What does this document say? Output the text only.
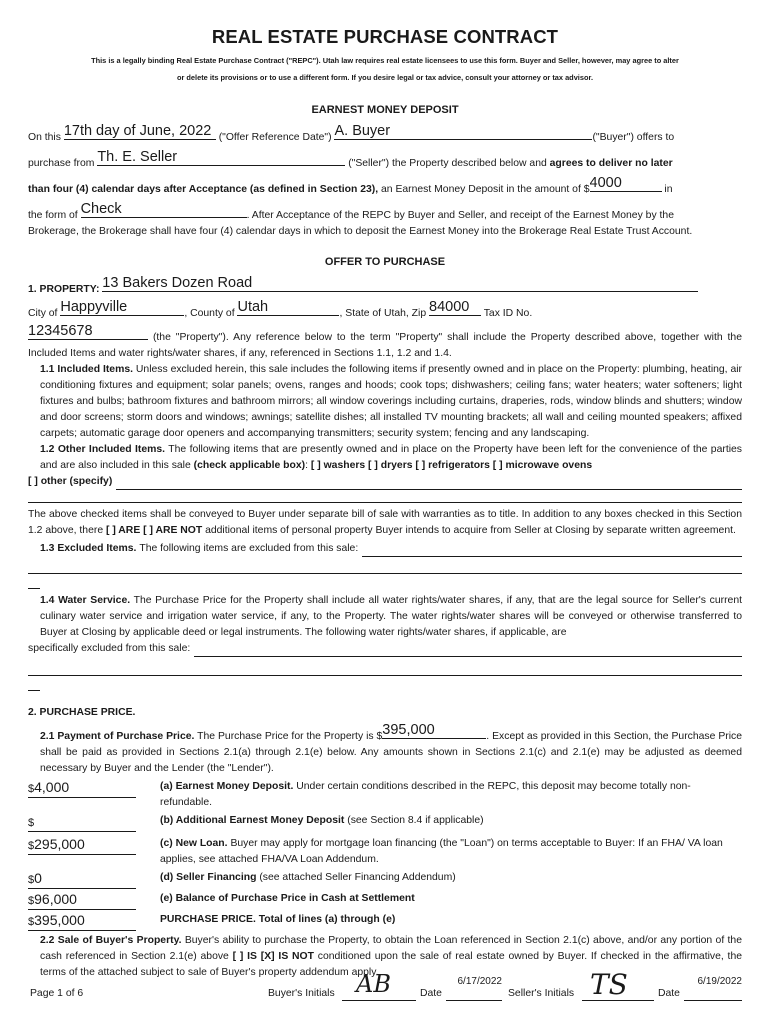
REAL ESTATE PURCHASE CONTRACT
This is a legally binding Real Estate Purchase Contract ("REPC"). Utah law requires real estate licensees to use this form. Buyer and Seller, however, may agree to alter
or delete its provisions or to use a different form. If you desire legal or tax advice, consult your attorney or tax advisor.
EARNEST MONEY DEPOSIT
On this 17th day of June, 2022 ("Offer Reference Date") A. Buyer	("Buyer") offers to
purchase from Th. E. Seller	("Seller") the Property described below and agrees to deliver no later
than four (4) calendar days after Acceptance (as defined in Section 23), an Earnest Money Deposit in the amount of $4000	in
the form of Check	. After Acceptance of the REPC by Buyer and Seller, and receipt of the Earnest Money by the
Brokerage, the Brokerage shall have four (4) calendar days in which to deposit the Earnest Money into the Brokerage Real Estate Trust Account.
OFFER TO PURCHASE
1. PROPERTY: 13 Bakers Dozen Road
City of Happyville	, County of Utah	, State of Utah, Zip 84000 Tax ID No.
12345678	(the "Property"). Any reference below to the term "Property" shall include the Property described above, together with the Included Items and water rights/water shares, if any, referenced in Sections 1.1, 1.2 and 1.4.
1.1 Included Items. Unless excluded herein, this sale includes the following items if presently owned and in place on the Property: plumbing, heating, air conditioning fixtures and equipment; solar panels; ovens, ranges and hoods; cook tops; dishwashers; ceiling fans; water heaters; water softeners; light fixtures and bulbs; bathroom fixtures and bathroom mirrors; all window coverings including curtains, draperies, rods, window blinds and shutters; window and door screens; storm doors and windows; awnings; satellite dishes; all installed TV mounting brackets; all wall and ceiling mounted speakers; affixed carpets; automatic garage door openers and accompanying transmitters; security system; fencing and any landscaping.
1.2 Other Included Items. The following items that are presently owned and in place on the Property have been left for the convenience of the parties and are also included in this sale (check applicable box): [ ] washers [ ] dryers [ ] refrigerators [ ] microwave ovens
[ ] other (specify)
The above checked items shall be conveyed to Buyer under separate bill of sale with warranties as to title. In addition to any boxes checked in this Section 1.2 above, there [ ] ARE [ ] ARE NOT additional items of personal property Buyer intends to acquire from Seller at Closing by separate written agreement.
1.3 Excluded Items.
The following items are excluded from this sale:
1.4 Water Service. The Purchase Price for the Property shall include all water rights/water shares, if any, that are the legal source for Seller's current culinary water service and irrigation water service, if any, to the Property. The water rights/water shares will be conveyed or otherwise transferred to Buyer at Closing by applicable deed or legal instruments. The following water rights/water shares, if applicable, are
specifically excluded from this sale:
2. PURCHASE PRICE.
2.1 Payment of Purchase Price. The Purchase Price for the Property is $395,000	. Except as provided in this Section, the Purchase Price shall be paid as provided in Sections 2.1(a) through 2.1(e) below. Any amounts shown in Sections 2.1(c) and 2.1(e) may be adjusted as deemed necessary by Buyer and the Lender (the "Lender").
$4,000	(a) Earnest Money Deposit. Under certain conditions described in the REPC, this deposit may become totally non-refundable.
$	(b) Additional Earnest Money Deposit (see Section 8.4 if applicable)
$295,000	(c) New Loan. Buyer may apply for mortgage loan financing (the "Loan") on terms acceptable to Buyer: If an FHA/ VA loan applies, see attached FHA/VA Loan Addendum.
$0	(d) Seller Financing (see attached Seller Financing Addendum)
$96,000	(e) Balance of Purchase Price in Cash at Settlement
$395,000	PURCHASE PRICE. Total of lines (a) through (e)
2.2 Sale of Buyer's Property. Buyer's ability to purchase the Property, to obtain the Loan referenced in Section 2.1(c) above, and/or any portion of the cash referenced in Section 2.1(e) above [ ] IS [X] IS NOT conditioned upon the sale of real estate owned by Buyer. If checked in the affirmative, the terms of the attached subject to sale of Buyer's property addendum apply.
Page 1 of 6	Buyer's Initials AB	Date
6/17/2022
Seller's Initials TS	Date
6/19/2022
